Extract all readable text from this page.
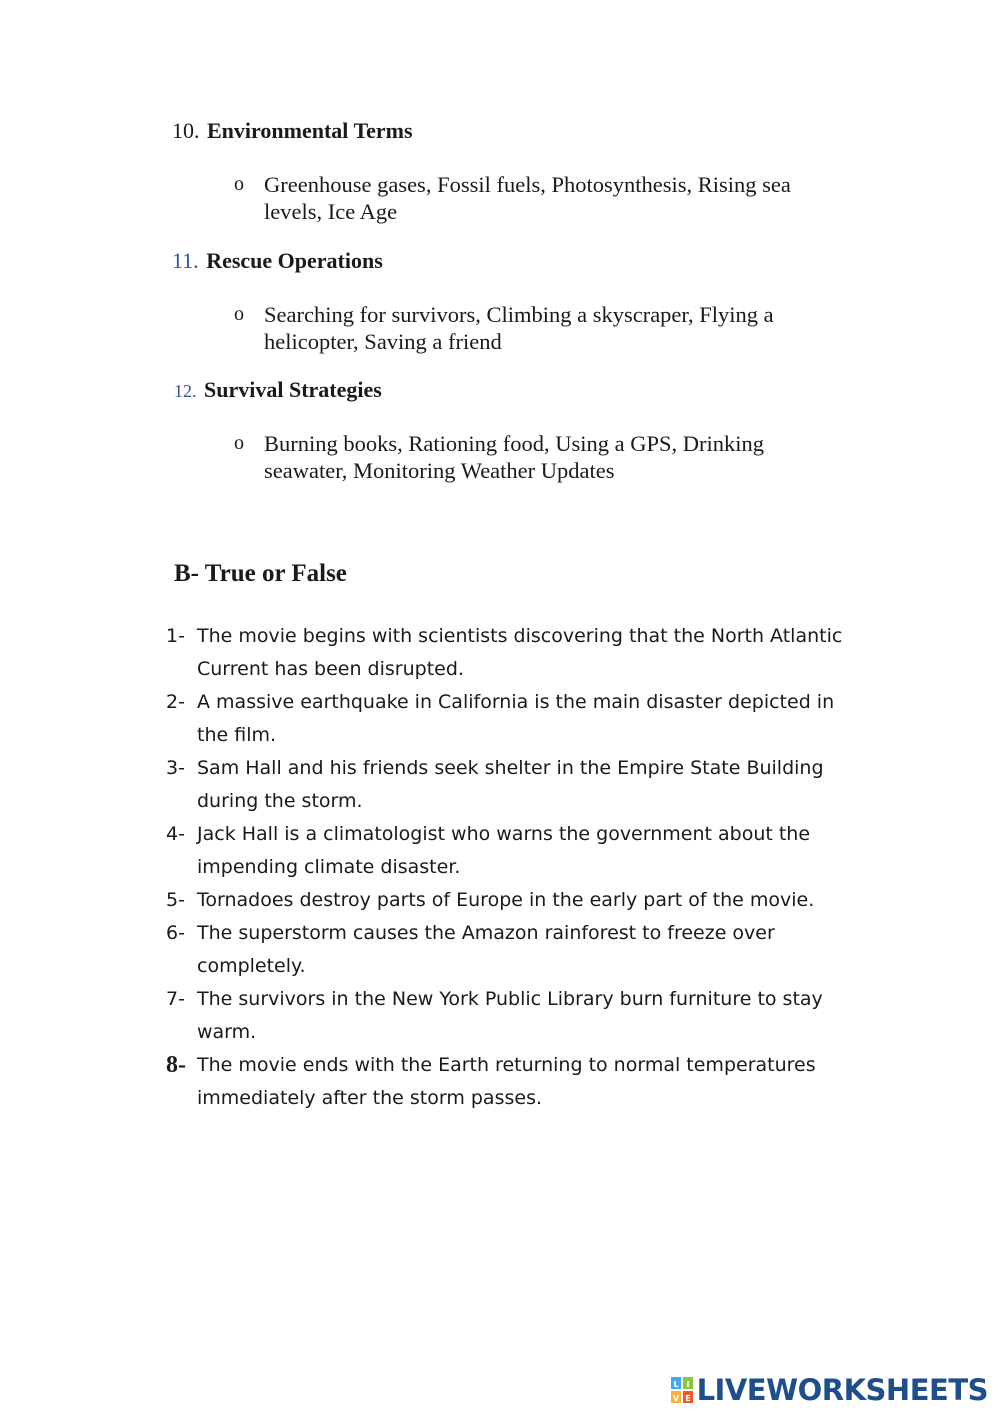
10. Environmental Terms
o Greenhouse gases, Fossil fuels, Photosynthesis, Rising sea levels, Ice Age
11. Rescue Operations
o Searching for survivors, Climbing a skyscraper, Flying a helicopter, Saving a friend
12. Survival Strategies
o Burning books, Rationing food, Using a GPS, Drinking seawater, Monitoring Weather Updates
B- True or False
1- The movie begins with scientists discovering that the North Atlantic Current has been disrupted.
2- A massive earthquake in California is the main disaster depicted in the film.
3- Sam Hall and his friends seek shelter in the Empire State Building during the storm.
4- Jack Hall is a climatologist who warns the government about the impending climate disaster.
5- Tornadoes destroy parts of Europe in the early part of the movie.
6- The superstorm causes the Amazon rainforest to freeze over completely.
7- The survivors in the New York Public Library burn furniture to stay warm.
8- The movie ends with the Earth returning to normal temperatures immediately after the storm passes.
L I
V E LIVEWORKSHEETS
